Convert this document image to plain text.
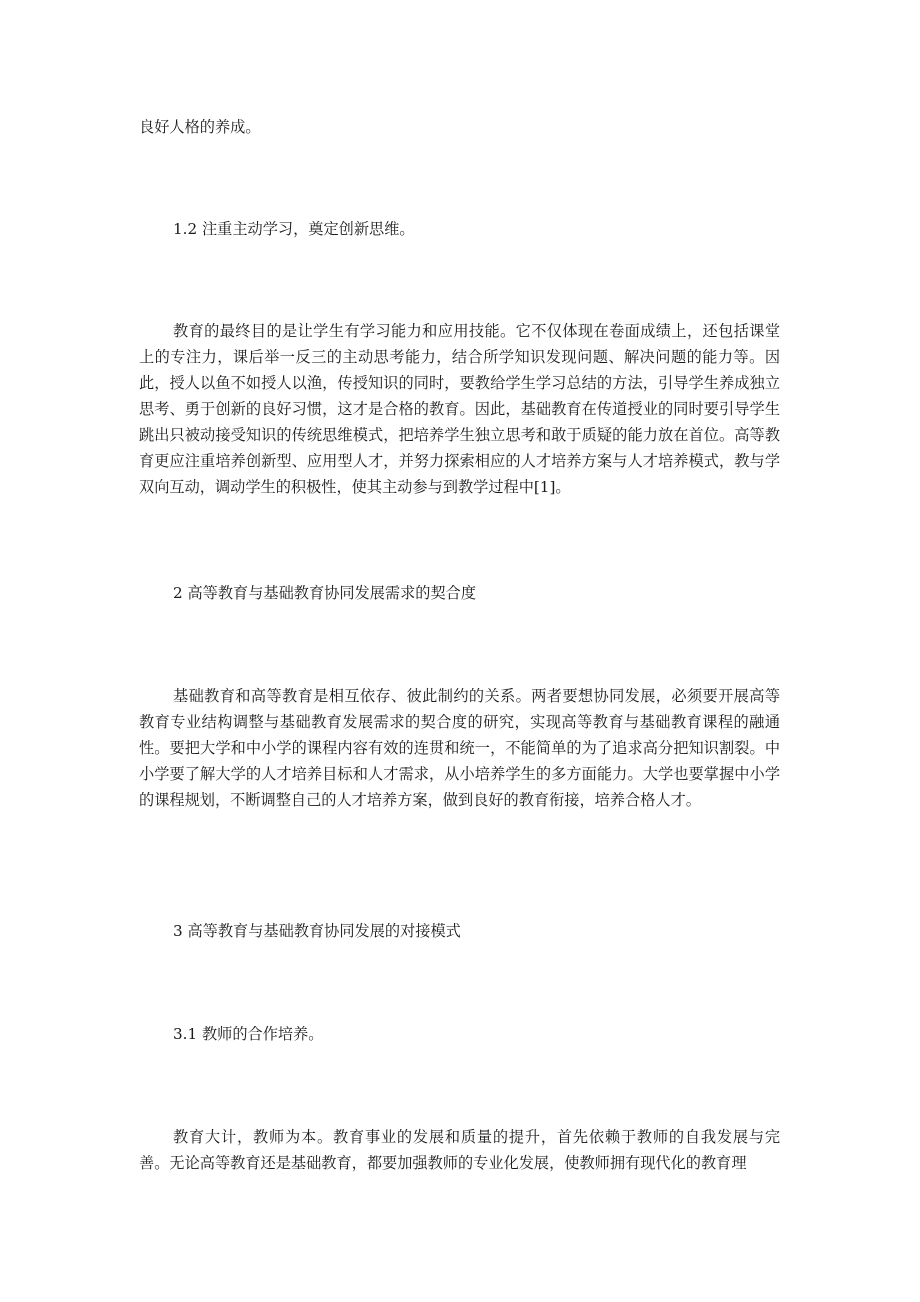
良好人格的养成。

1.2 注重主动学习，奠定创新思维。

教育的最终目的是让学生有学习能力和应用技能。它不仅体现在卷面成绩上，还包括课堂上的专注力，课后举一反三的主动思考能力，结合所学知识发现问题、解决问题的能力等。因此，授人以鱼不如授人以渔，传授知识的同时，要教给学生学习总结的方法，引导学生养成独立思考、勇于创新的良好习惯，这才是合格的教育。因此，基础教育在传道授业的同时要引导学生跳出只被动接受知识的传统思维模式，把培养学生独立思考和敢于质疑的能力放在首位。高等教育更应注重培养创新型、应用型人才，并努力探索相应的人才培养方案与人才培养模式，教与学双向互动，调动学生的积极性，使其主动参与到教学过程中[1]。

2 高等教育与基础教育协同发展需求的契合度

基础教育和高等教育是相互依存、彼此制约的关系。两者要想协同发展，必须要开展高等教育专业结构调整与基础教育发展需求的契合度的研究，实现高等教育与基础教育课程的融通性。要把大学和中小学的课程内容有效的连贯和统一，不能简单的为了追求高分把知识割裂。中小学要了解大学的人才培养目标和人才需求，从小培养学生的多方面能力。大学也要掌握中小学的课程规划，不断调整自己的人才培养方案，做到良好的教育衔接，培养合格人才。

3 高等教育与基础教育协同发展的对接模式

3.1 教师的合作培养。

教育大计，教师为本。教育事业的发展和质量的提升，首先依赖于教师的自我发展与完善。无论高等教育还是基础教育，都要加强教师的专业化发展，使教师拥有现代化的教育理
